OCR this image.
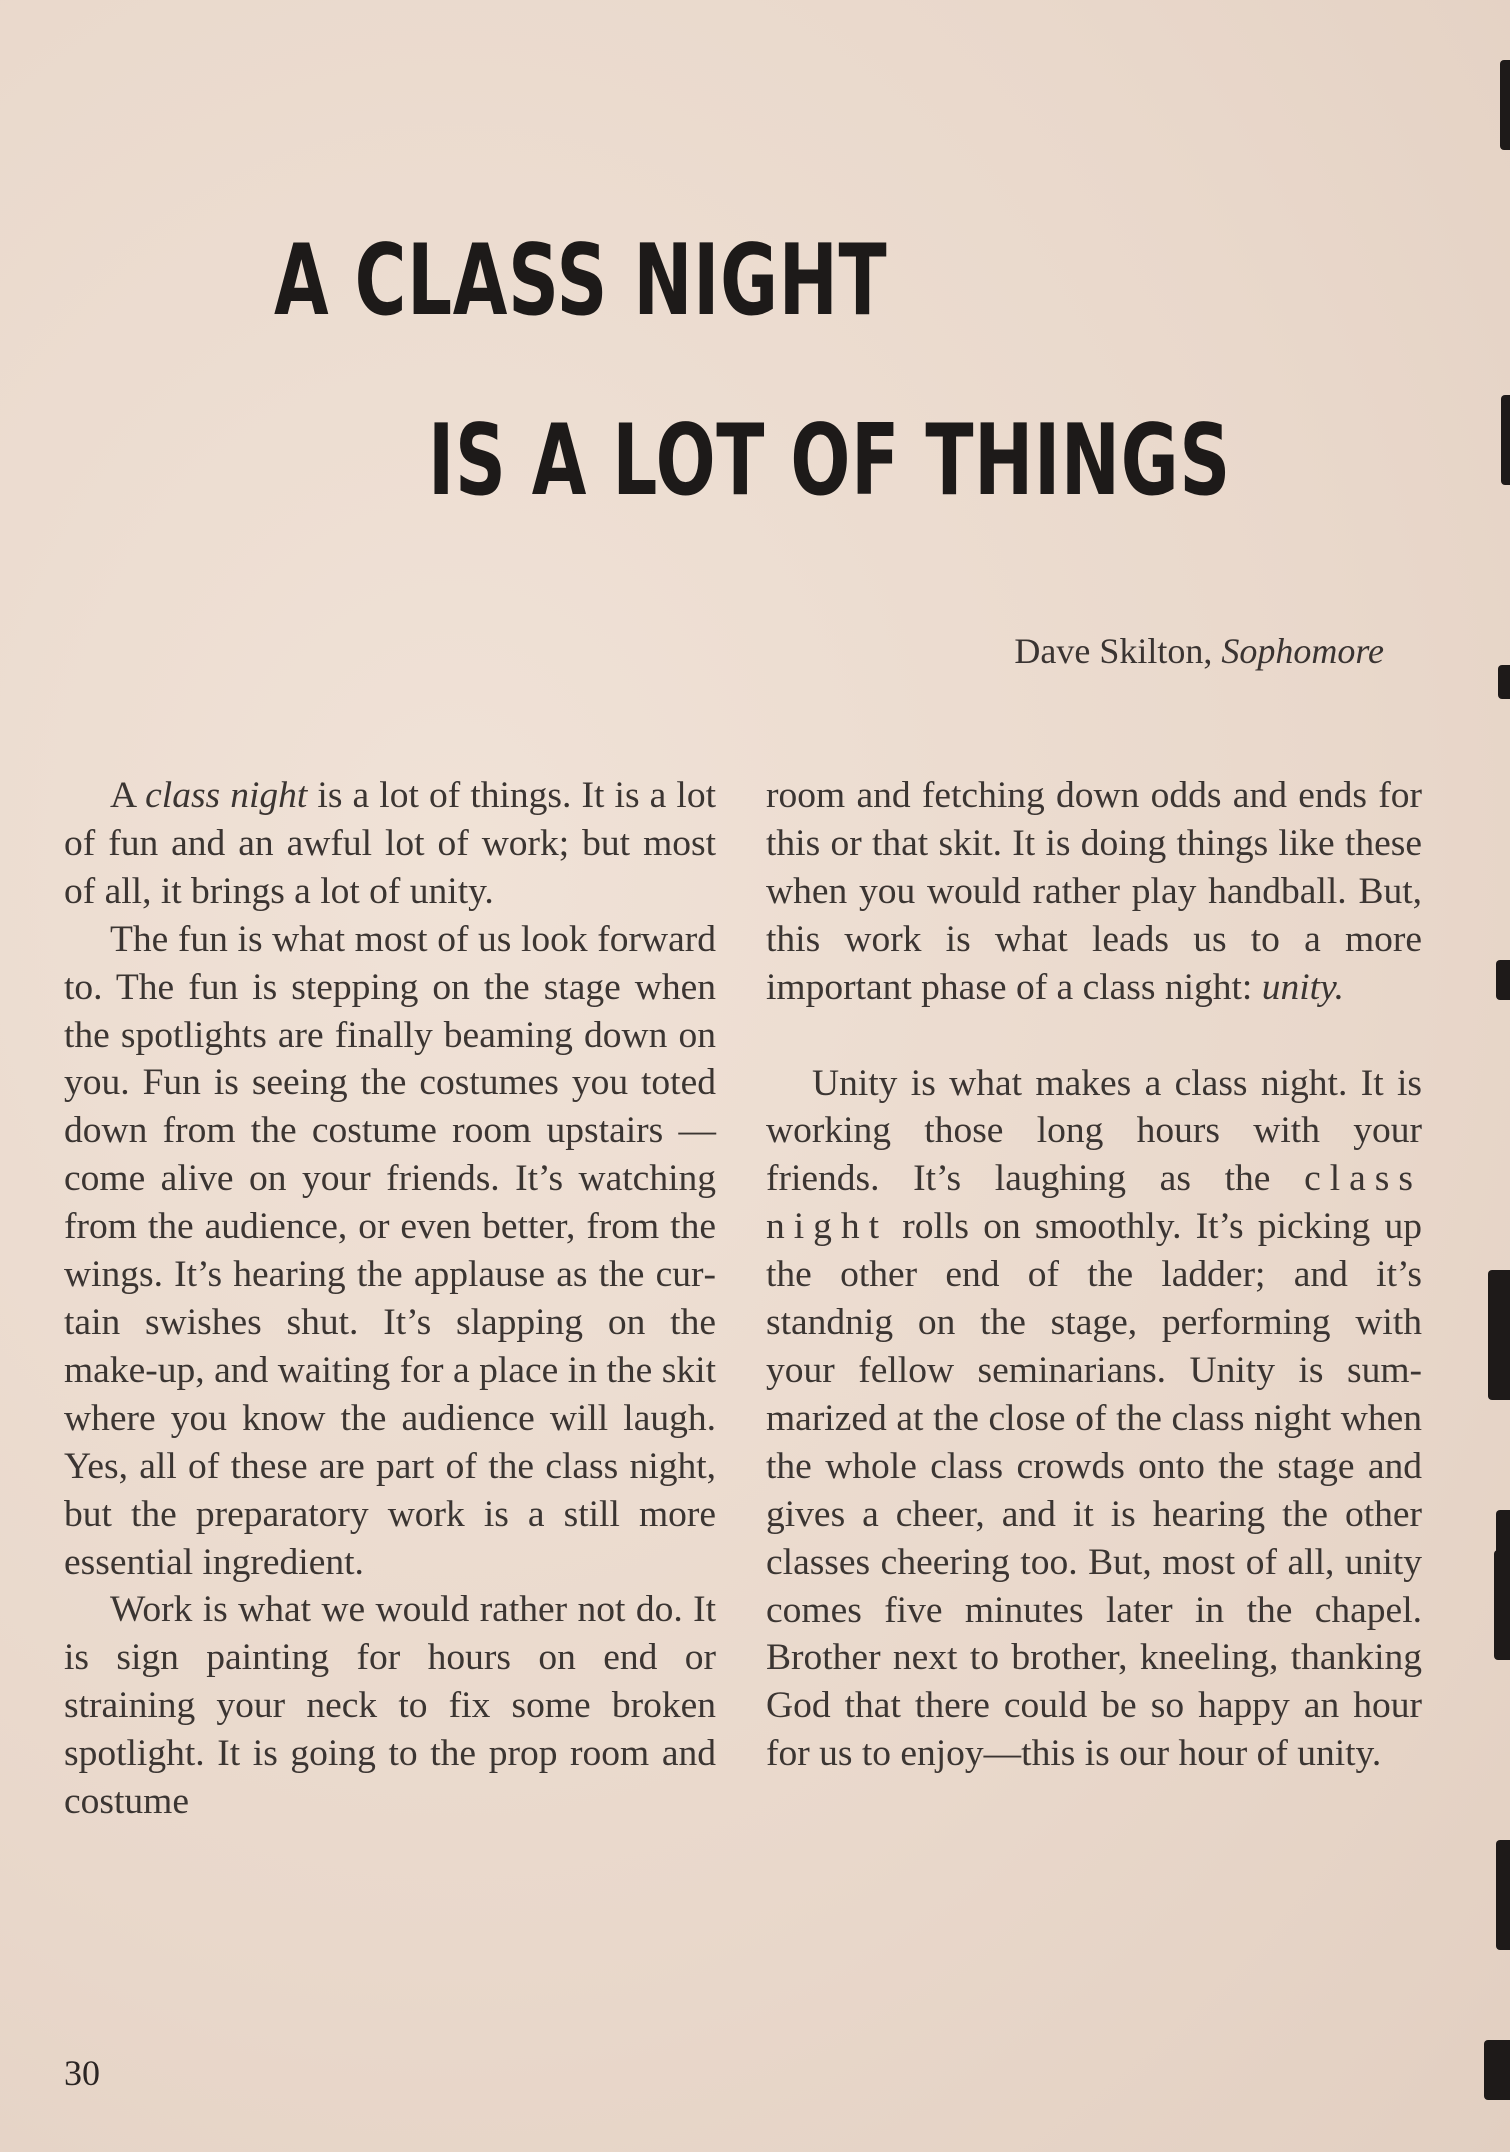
A CLASS NIGHT
IS A LOT OF THINGS
Dave Skilton, Sophomore

A class night is a lot of things. It is a lot of fun and an awful lot of work; but most of all, it brings a lot of unity.

The fun is what most of us look forward to. The fun is stepping on the stage when the spotlights are finally beaming down on you. Fun is seeing the costumes you toted down from the costume room upstairs — come alive on your friends. It’s watching from the audience, or even better, from the wings. It’s hearing the applause as the curtain swishes shut. It’s slapping on the make-up, and waiting for a place in the skit where you know the audience will laugh. Yes, all of these are part of the class night, but the preparatory work is a still more essential ingredient.

Work is what we would rather not do. It is sign painting for hours on end or straining your neck to fix some broken spotlight. It is going to the prop room and costume

room and fetching down odds and ends for this or that skit. It is doing things like these when you would rather play handball. But, this work is what leads us to a more important phase of a class night: unity.

Unity is what makes a class night. It is working those long hours with your friends. It’s laughing as the class night rolls on smoothly. It’s picking up the other end of the ladder; and it’s standnig on the stage, performing with your fellow seminarians. Unity is summarized at the close of the class night when the whole class crowds onto the stage and gives a cheer, and it is hearing the other classes cheering too. But, most of all, unity comes five minutes later in the chapel. Brother next to brother, kneeling, thanking God that there could be so happy an hour for us to enjoy—this is our hour of unity.

30
